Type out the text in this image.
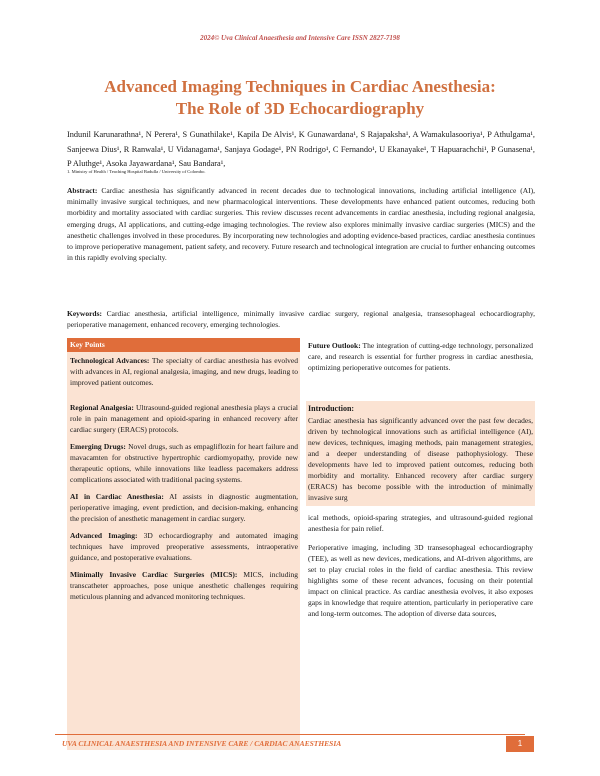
2024© Uva Clinical Anaesthesia and Intensive Care ISSN 2827-7198
Advanced Imaging Techniques in Cardiac Anesthesia:
The Role of 3D Echocardiography
Indunil Karunarathna¹, N Perera¹, S Gunathilake¹, Kapila De Alvis¹, K Gunawardana¹, S Rajapaksha¹, A Wamakulasooriya¹, P Athulgama¹, Sanjeewa Dius¹, R Ranwala¹, U Vidanagama¹, Sanjaya Godage¹, PN Rodrigo¹, C Fernando¹, U Ekanayake¹, T Hapuarachchi¹, P Gunasena¹, P Aluthge¹, Asoka Jayawardana¹, Sau Bandara¹,
1. Ministry of Health / Teaching Hospital Badulla / University of Colombo.
Abstract: Cardiac anesthesia has significantly advanced in recent decades due to technological innovations, including artificial intelligence (AI), minimally invasive surgical techniques, and new pharmacological interventions. These developments have enhanced patient outcomes, reducing both morbidity and mortality associated with cardiac surgeries. This review discusses recent advancements in cardiac anesthesia, including regional analgesia, emerging drugs, AI applications, and cutting-edge imaging technologies. The review also explores minimally invasive cardiac surgeries (MICS) and the anesthetic challenges involved in these procedures. By incorporating new technologies and adopting evidence-based practices, cardiac anesthesia continues to improve perioperative management, patient safety, and recovery. Future research and technological integration are crucial to further enhancing outcomes in this rapidly evolving specialty.
Keywords: Cardiac anesthesia, artificial intelligence, minimally invasive cardiac surgery, regional analgesia, transesophageal echocardiography, perioperative management, enhanced recovery, emerging technologies.
Key Points
Technological Advances: The specialty of cardiac anesthesia has evolved with advances in AI, regional analgesia, imaging, and new drugs, leading to improved patient outcomes.
Regional Analgesia: Ultrasound-guided regional anesthesia plays a crucial role in pain management and opioid-sparing in enhanced recovery after cardiac surgery (ERACS) protocols.
Emerging Drugs: Novel drugs, such as empagliflozin for heart failure and mavacamten for obstructive hypertrophic cardiomyopathy, provide new therapeutic options, while innovations like leadless pacemakers address complications associated with traditional pacing systems.
AI in Cardiac Anesthesia: AI assists in diagnostic augmentation, perioperative imaging, event prediction, and decision-making, enhancing the precision of anesthetic management in cardiac surgery.
Advanced Imaging: 3D echocardiography and automated imaging techniques have improved preoperative assessments, intraoperative guidance, and postoperative evaluations.
Minimally Invasive Cardiac Surgeries (MICS): MICS, including transcatheter approaches, pose unique anesthetic challenges requiring meticulous planning and advanced monitoring techniques.
Future Outlook: The integration of cutting-edge technology, personalized care, and research is essential for further progress in cardiac anesthesia, optimizing perioperative outcomes for patients.
Introduction:

Cardiac anesthesia has significantly advanced over the past few decades, driven by technological innovations such as artificial intelligence (AI), new devices, techniques, imaging methods, pain management strategies, and a deeper understanding of disease pathophysiology. These developments have led to improved patient outcomes, reducing both morbidity and mortality. Enhanced recovery after cardiac surgery (ERACS) has become possible with the introduction of minimally invasive surg

ical methods, opioid-sparing strategies, and ultrasound-guided regional anesthesia for pain relief.

Perioperative imaging, including 3D transesophageal echocardiography (TEE), as well as new devices, medications, and AI-driven algorithms, are set to play crucial roles in the field of cardiac anesthesia. This review highlights some of these recent advances, focusing on their potential impact on clinical practice. As cardiac anesthesia evolves, it also exposes gaps in knowledge that require attention, particularly in perioperative care and long-term outcomes. The adoption of diverse data sources,

UVA CLINICAL ANAESTHESIA AND INTENSIVE CARE / CARDIAC ANAESTHESIA	1
